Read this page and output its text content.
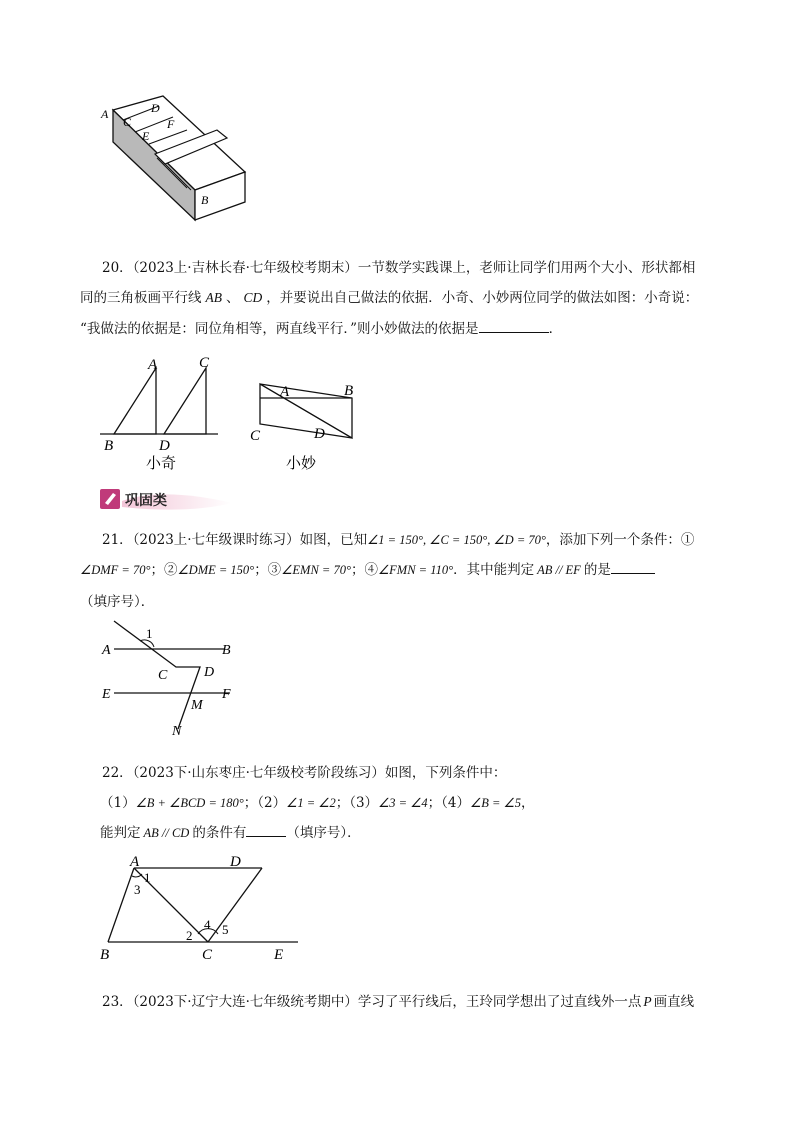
A
C
D
E
F
B
20．（2023上·吉林长春·七年级校考期末）一节数学实践课上，老师让同学们用两个大小、形状都相
同的三角板画平行线 AB 、 CD ，并要说出自己做法的依据．小奇、小妙两位同学的做法如图：小奇说：
“我做法的依据是：同位角相等，两直线平行．”则小妙做法的依据是	．
A	C
B	D
小奇
A	B
C	D
小妙
巩固类
21．（2023上·七年级课时练习）如图，已知∠1 = 150°, ∠C = 150°, ∠D = 70°，添加下列一个条件：①
∠DMF = 70°；②∠DME = 150°；③∠EMN = 70°；④∠FMN = 110°．其中能判定 AB // EF 的是
（填序号）．
1
A	B
C	D
E	F
M
N
22．（2023下·山东枣庄·七年级校考阶段练习）如图，下列条件中：
（1）∠B + ∠BCD = 180°；（2）∠1 = ∠2；（3）∠3 = ∠4；（4）∠B = ∠5，
能判定 AB // CD 的条件有	（填序号）．
A	D
1
3
4 5
2
B	C	E
23．（2023下·辽宁大连·七年级统考期中）学习了平行线后，王玲同学想出了过直线外一点 P 画直线
